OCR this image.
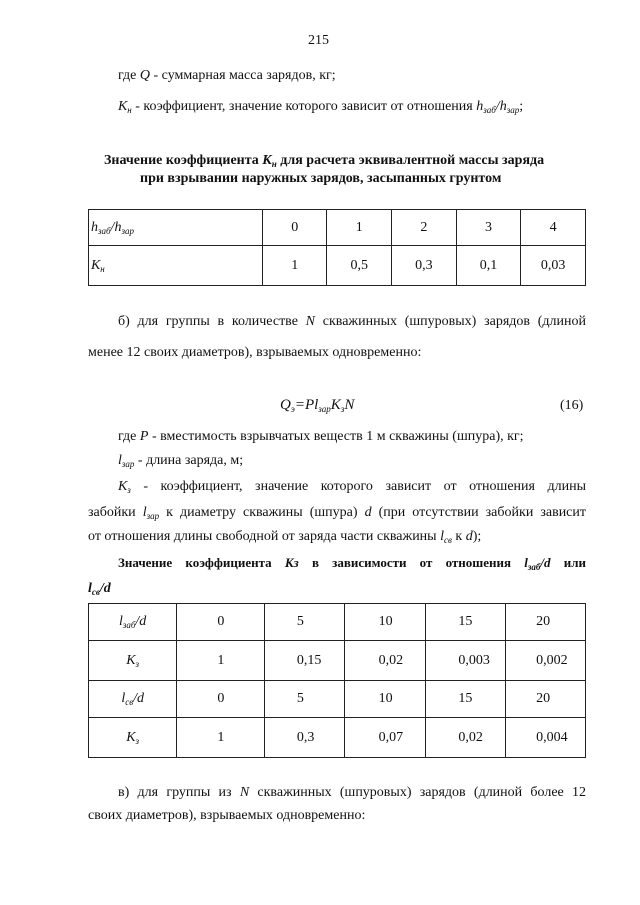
215
где Q - суммарная масса зарядов, кг;
$К_н$ - коэффициент, значение которого зависит от отношения $h_{заб}/h_{зар}$;
Значение коэффициента $К_н$ для расчета эквивалентной массы заряда
при взрывании наружных зарядов, засыпанных грунтом
$h_{заб}/h_{зар}$	0	1	2	3	4
$К_н$	1	0,5	0,3	0,1	0,03
б) для группы в количестве N скважинных (шпуровых) зарядов (длиной
менее 12 своих диаметров), взрываемых одновременно:
$Q_э=Pl_{зар}K_зN$	(16)
где Р - вместимость взрывчатых веществ 1 м скважины (шпура), кг;
$l_{зар}$ - длина заряда, м;
$К_з$ - коэффициент, значение которого зависит от отношения длины
забойки $l_{зар}$ к диаметру скважины (шпура) d (при отсутствии забойки зависит
от отношения длины свободной от заряда части скважины $l_{св}$ к d);
Значение коэффициента Кз в зависимости от отношения $l_{заб}/d$ или
$l_{св}/d$
$l_{заб}/d$	0	5	10	15	20
$К_з$	1	0,15	0,02	0,003	0,002
$l_{св}/d$	0	5	10	15	20
$К_з$	1	0,3	0,07	0,02	0,004
в) для группы из N скважинных (шпуровых) зарядов (длиной более 12
своих диаметров), взрываемых одновременно:
